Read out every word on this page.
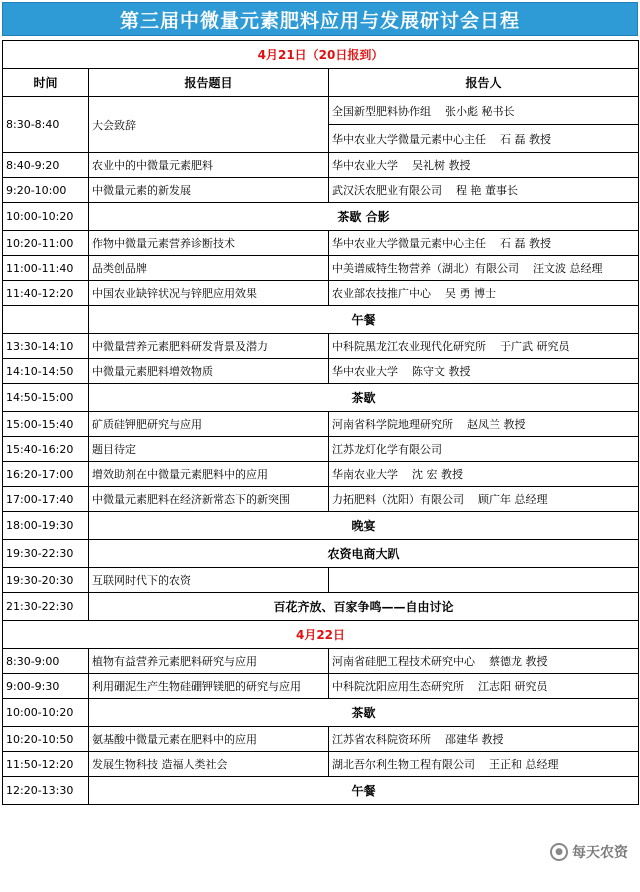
第三届中微量元素肥料应用与发展研讨会日程
4月21日（20日报到）		
时间	报告题目	报告人
8:30-8:40	大会致辞	全国新型肥料协作组 张小彪 秘书长
		华中农业大学微量元素中心主任 石 磊 教授
8:40-9:20	农业中的中微量元素肥料	华中农业大学 吴礼树 教授
9:20-10:00	中微量元素的新发展	武汉沃农肥业有限公司 程 艳 董事长
10:00-10:20	茶歇 合影	
10:20-11:00	作物中微量元素营养诊断技术	华中农业大学微量元素中心主任 石 磊 教授
11:00-11:40	品类创品牌	中美谱威特生物营养（湖北）有限公司 汪文波 总经理
11:40-12:20	中国农业缺锌状况与锌肥应用效果	农业部农技推广中心 吴 勇 博士
	午餐	
13:30-14:10	中微量营养元素肥料研发背景及潜力	中科院黑龙江农业现代化研究所 于广武 研究员
14:10-14:50	中微量元素肥料增效物质	华中农业大学 陈守文 教授
14:50-15:00	茶歇	
15:00-15:40	矿质硅钾肥研究与应用	河南省科学院地理研究所 赵凤兰 教授
15:40-16:20	题目待定	江苏龙灯化学有限公司
16:20-17:00	增效助剂在中微量元素肥料中的应用	华南农业大学 沈 宏 教授
17:00-17:40	中微量元素肥料在经济新常态下的新突围	力拓肥料（沈阳）有限公司 顾广年 总经理
18:00-19:30	晚宴	
19:30-22:30	农资电商大趴	
19:30-20:30	互联网时代下的农资	
21:30-22:30	百花齐放、百家争鸣——自由讨论	
4月22日		
8:30-9:00	植物有益营养元素肥料研究与应用	河南省硅肥工程技术研究中心 蔡德龙 教授
9:00-9:30	利用硼泥生产生物硅硼钾镁肥的研究与应用	中科院沈阳应用生态研究所 江志阳 研究员
10:00-10:20	茶歇	
10:20-10:50	氨基酸中微量元素在肥料中的应用	江苏省农科院资环所 邵建华 教授
11:50-12:20	发展生物科技 造福人类社会	湖北吾尔利生物工程有限公司 王正和 总经理
12:20-13:30	午餐	
● 每天农资
